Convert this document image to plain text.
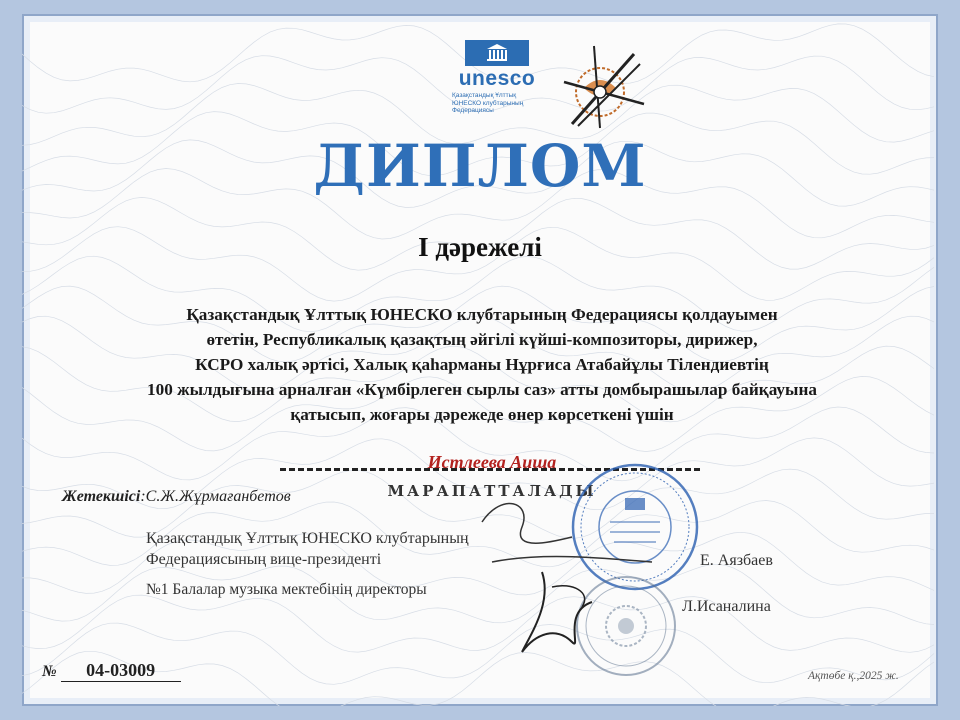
unesco
Қазақстандық Ұлттық
ЮНЕСКО клубтарының
Федерациясы
ДИПЛОМ
І дәрежелі
Қазақстандық Ұлттық ЮНЕСКО клубтарының Федерациясы қолдауымен
өтетін, Республикалық қазақтың әйгілі күйші-композиторы, дирижер,
КСРО халық әртісі, Халық қаһарманы Нұрғиса Атабайұлы Тілендиевтің
100 жылдығына арналған «Күмбірлеген сырлы саз» атты домбырашылар байқауына
қатысып, жоғары дәрежеде өнер көрсеткені үшін
Истлеева Аиша
МАРАПАТТАЛАДЫ
Жетекшісі:С.Ж.Жұрмағанбетов
Қазақстандық Ұлттық ЮНЕСКО клубтарының Федерациясының вице-президенті
№1 Балалар музыка мектебінің директоры
Е. Аязбаев
Л.Исаналина
№ 04-03009	Ақтөбе қ.,2025 ж.
